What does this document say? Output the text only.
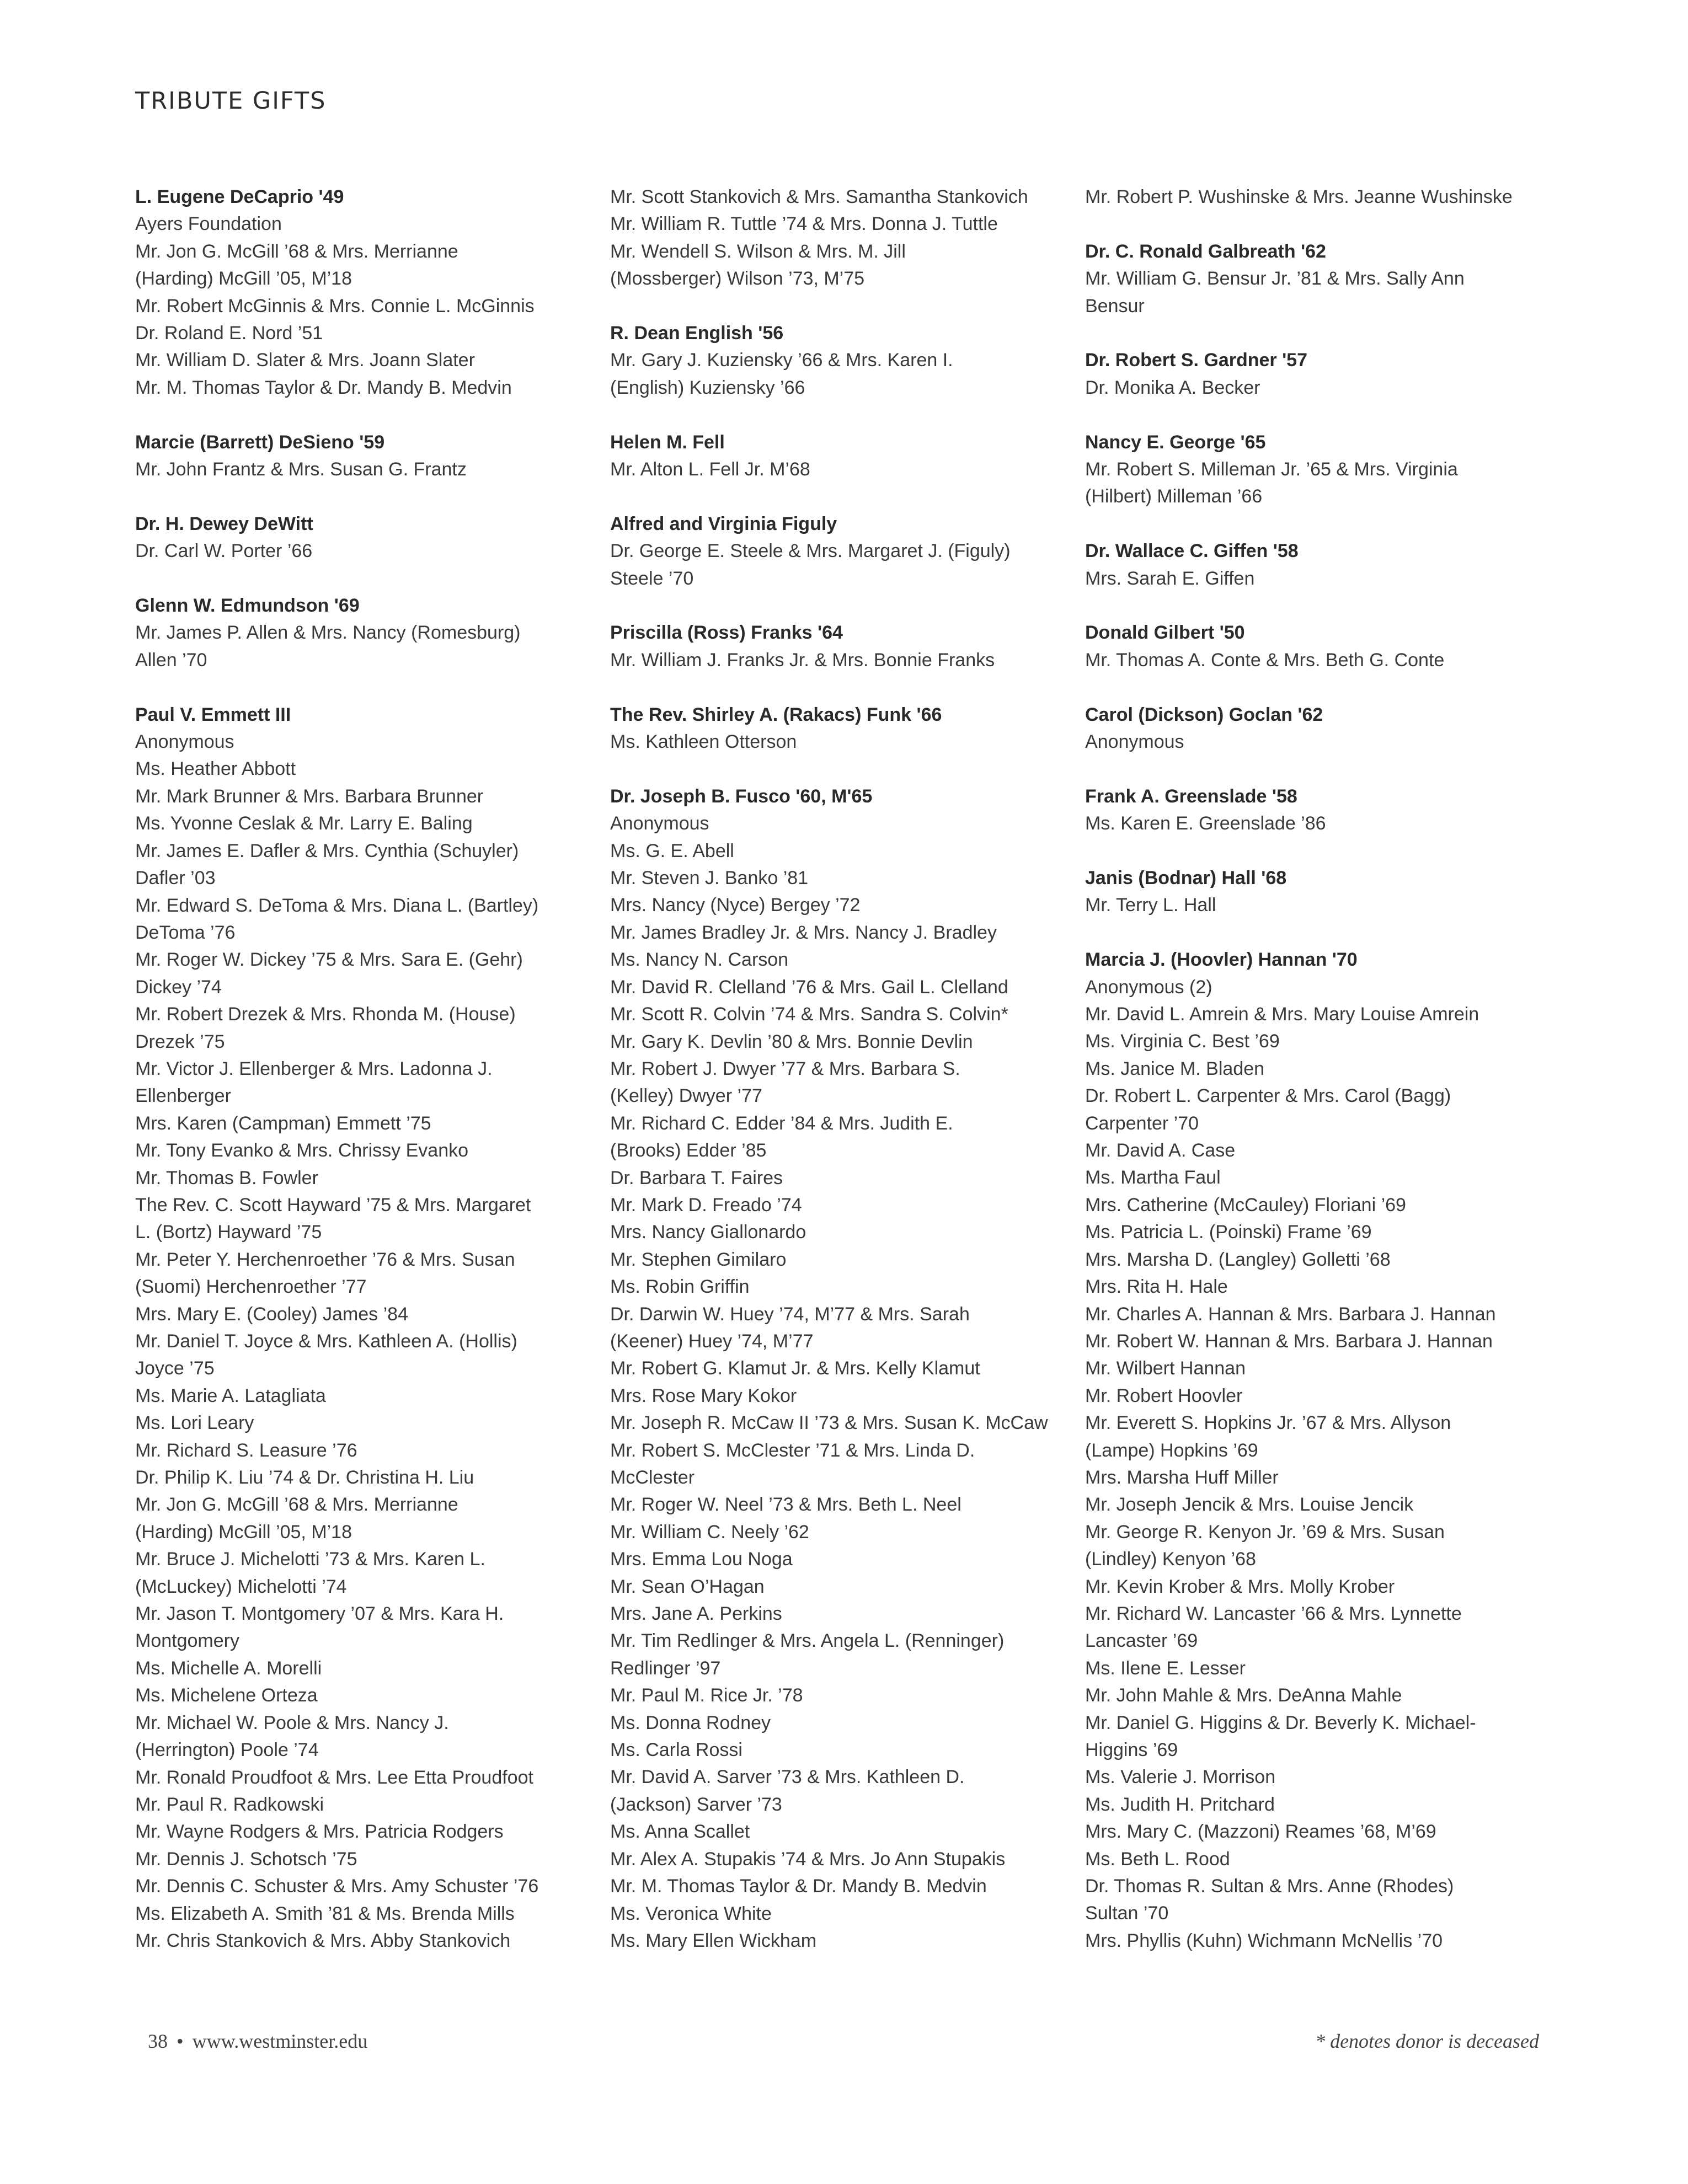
TRIBUTE GIFTS
L. Eugene DeCaprio '49
Ayers Foundation
Mr. Jon G. McGill ’68 & Mrs. Merrianne
(Harding) McGill ’05, M’18
Mr. Robert McGinnis & Mrs. Connie L. McGinnis
Dr. Roland E. Nord ’51
Mr. William D. Slater & Mrs. Joann Slater
Mr. M. Thomas Taylor & Dr. Mandy B. Medvin
Marcie (Barrett) DeSieno '59
Mr. John Frantz & Mrs. Susan G. Frantz
Dr. H. Dewey DeWitt
Dr. Carl W. Porter ’66
Glenn W. Edmundson '69
Mr. James P. Allen & Mrs. Nancy (Romesburg)
Allen ’70
Paul V. Emmett III
Anonymous
Ms. Heather Abbott
Mr. Mark Brunner & Mrs. Barbara Brunner
Ms. Yvonne Ceslak & Mr. Larry E. Baling
Mr. James E. Dafler & Mrs. Cynthia (Schuyler)
Dafler ’03
Mr. Edward S. DeToma & Mrs. Diana L. (Bartley)
DeToma ’76
Mr. Roger W. Dickey ’75 & Mrs. Sara E. (Gehr)
Dickey ’74
Mr. Robert Drezek & Mrs. Rhonda M. (House)
Drezek ’75
Mr. Victor J. Ellenberger & Mrs. Ladonna J.
Ellenberger
Mrs. Karen (Campman) Emmett ’75
Mr. Tony Evanko & Mrs. Chrissy Evanko
Mr. Thomas B. Fowler
The Rev. C. Scott Hayward ’75 & Mrs. Margaret
L. (Bortz) Hayward ’75
Mr. Peter Y. Herchenroether ’76 & Mrs. Susan
(Suomi) Herchenroether ’77
Mrs. Mary E. (Cooley) James ’84
Mr. Daniel T. Joyce & Mrs. Kathleen A. (Hollis)
Joyce ’75
Ms. Marie A. Latagliata
Ms. Lori Leary
Mr. Richard S. Leasure ’76
Dr. Philip K. Liu ’74 & Dr. Christina H. Liu
Mr. Jon G. McGill ’68 & Mrs. Merrianne
(Harding) McGill ’05, M’18
Mr. Bruce J. Michelotti ’73 & Mrs. Karen L.
(McLuckey) Michelotti ’74
Mr. Jason T. Montgomery ’07 & Mrs. Kara H.
Montgomery
Ms. Michelle A. Morelli
Ms. Michelene Orteza
Mr. Michael W. Poole & Mrs. Nancy J.
(Herrington) Poole ’74
Mr. Ronald Proudfoot & Mrs. Lee Etta Proudfoot
Mr. Paul R. Radkowski
Mr. Wayne Rodgers & Mrs. Patricia Rodgers
Mr. Dennis J. Schotsch ’75
Mr. Dennis C. Schuster & Mrs. Amy Schuster ’76
Ms. Elizabeth A. Smith ’81 & Ms. Brenda Mills
Mr. Chris Stankovich & Mrs. Abby Stankovich
Mr. Scott Stankovich & Mrs. Samantha Stankovich
Mr. William R. Tuttle ’74 & Mrs. Donna J. Tuttle
Mr. Wendell S. Wilson & Mrs. M. Jill
(Mossberger) Wilson ’73, M’75
R. Dean English '56
Mr. Gary J. Kuziensky ’66 & Mrs. Karen I.
(English) Kuziensky ’66
Helen M. Fell
Mr. Alton L. Fell Jr. M’68
Alfred and Virginia Figuly
Dr. George E. Steele & Mrs. Margaret J. (Figuly)
Steele ’70
Priscilla (Ross) Franks '64
Mr. William J. Franks Jr. & Mrs. Bonnie Franks
The Rev. Shirley A. (Rakacs) Funk '66
Ms. Kathleen Otterson
Dr. Joseph B. Fusco '60, M'65
Anonymous
Ms. G. E. Abell
Mr. Steven J. Banko ’81
Mrs. Nancy (Nyce) Bergey ’72
Mr. James Bradley Jr. & Mrs. Nancy J. Bradley
Ms. Nancy N. Carson
Mr. David R. Clelland ’76 & Mrs. Gail L. Clelland
Mr. Scott R. Colvin ’74 & Mrs. Sandra S. Colvin*
Mr. Gary K. Devlin ’80 & Mrs. Bonnie Devlin
Mr. Robert J. Dwyer ’77 & Mrs. Barbara S.
(Kelley) Dwyer ’77
Mr. Richard C. Edder ’84 & Mrs. Judith E.
(Brooks) Edder ’85
Dr. Barbara T. Faires
Mr. Mark D. Freado ’74
Mrs. Nancy Giallonardo
Mr. Stephen Gimilaro
Ms. Robin Griffin
Dr. Darwin W. Huey ’74, M’77 & Mrs. Sarah
(Keener) Huey ’74, M’77
Mr. Robert G. Klamut Jr. & Mrs. Kelly Klamut
Mrs. Rose Mary Kokor
Mr. Joseph R. McCaw II ’73 & Mrs. Susan K. McCaw
Mr. Robert S. McClester ’71 & Mrs. Linda D.
McClester
Mr. Roger W. Neel ’73 & Mrs. Beth L. Neel
Mr. William C. Neely ’62
Mrs. Emma Lou Noga
Mr. Sean O’Hagan
Mrs. Jane A. Perkins
Mr. Tim Redlinger & Mrs. Angela L. (Renninger)
Redlinger ’97
Mr. Paul M. Rice Jr. ’78
Ms. Donna Rodney
Ms. Carla Rossi
Mr. David A. Sarver ’73 & Mrs. Kathleen D.
(Jackson) Sarver ’73
Ms. Anna Scallet
Mr. Alex A. Stupakis ’74 & Mrs. Jo Ann Stupakis
Mr. M. Thomas Taylor & Dr. Mandy B. Medvin
Ms. Veronica White
Ms. Mary Ellen Wickham
Mr. Robert P. Wushinske & Mrs. Jeanne Wushinske
Dr. C. Ronald Galbreath '62
Mr. William G. Bensur Jr. ’81 & Mrs. Sally Ann
Bensur
Dr. Robert S. Gardner '57
Dr. Monika A. Becker
Nancy E. George '65
Mr. Robert S. Milleman Jr. ’65 & Mrs. Virginia
(Hilbert) Milleman ’66
Dr. Wallace C. Giffen '58
Mrs. Sarah E. Giffen
Donald Gilbert '50
Mr. Thomas A. Conte & Mrs. Beth G. Conte
Carol (Dickson) Goclan '62
Anonymous
Frank A. Greenslade '58
Ms. Karen E. Greenslade ’86
Janis (Bodnar) Hall '68
Mr. Terry L. Hall
Marcia J. (Hoovler) Hannan '70
Anonymous (2)
Mr. David L. Amrein & Mrs. Mary Louise Amrein
Ms. Virginia C. Best ’69
Ms. Janice M. Bladen
Dr. Robert L. Carpenter & Mrs. Carol (Bagg)
Carpenter ’70
Mr. David A. Case
Ms. Martha Faul
Mrs. Catherine (McCauley) Floriani ’69
Ms. Patricia L. (Poinski) Frame ’69
Mrs. Marsha D. (Langley) Golletti ’68
Mrs. Rita H. Hale
Mr. Charles A. Hannan & Mrs. Barbara J. Hannan
Mr. Robert W. Hannan & Mrs. Barbara J. Hannan
Mr. Wilbert Hannan
Mr. Robert Hoovler
Mr. Everett S. Hopkins Jr. ’67 & Mrs. Allyson
(Lampe) Hopkins ’69
Mrs. Marsha Huff Miller
Mr. Joseph Jencik & Mrs. Louise Jencik
Mr. George R. Kenyon Jr. ’69 & Mrs. Susan
(Lindley) Kenyon ’68
Mr. Kevin Krober & Mrs. Molly Krober
Mr. Richard W. Lancaster ’66 & Mrs. Lynnette
Lancaster ’69
Ms. Ilene E. Lesser
Mr. John Mahle & Mrs. DeAnna Mahle
Mr. Daniel G. Higgins & Dr. Beverly K. Michael-
Higgins ’69
Ms. Valerie J. Morrison
Ms. Judith H. Pritchard
Mrs. Mary C. (Mazzoni) Reames ’68, M’69
Ms. Beth L. Rood
Dr. Thomas R. Sultan & Mrs. Anne (Rhodes)
Sultan ’70
Mrs. Phyllis (Kuhn) Wichmann McNellis ’70
38 • www.westminster.edu	* denotes donor is deceased
